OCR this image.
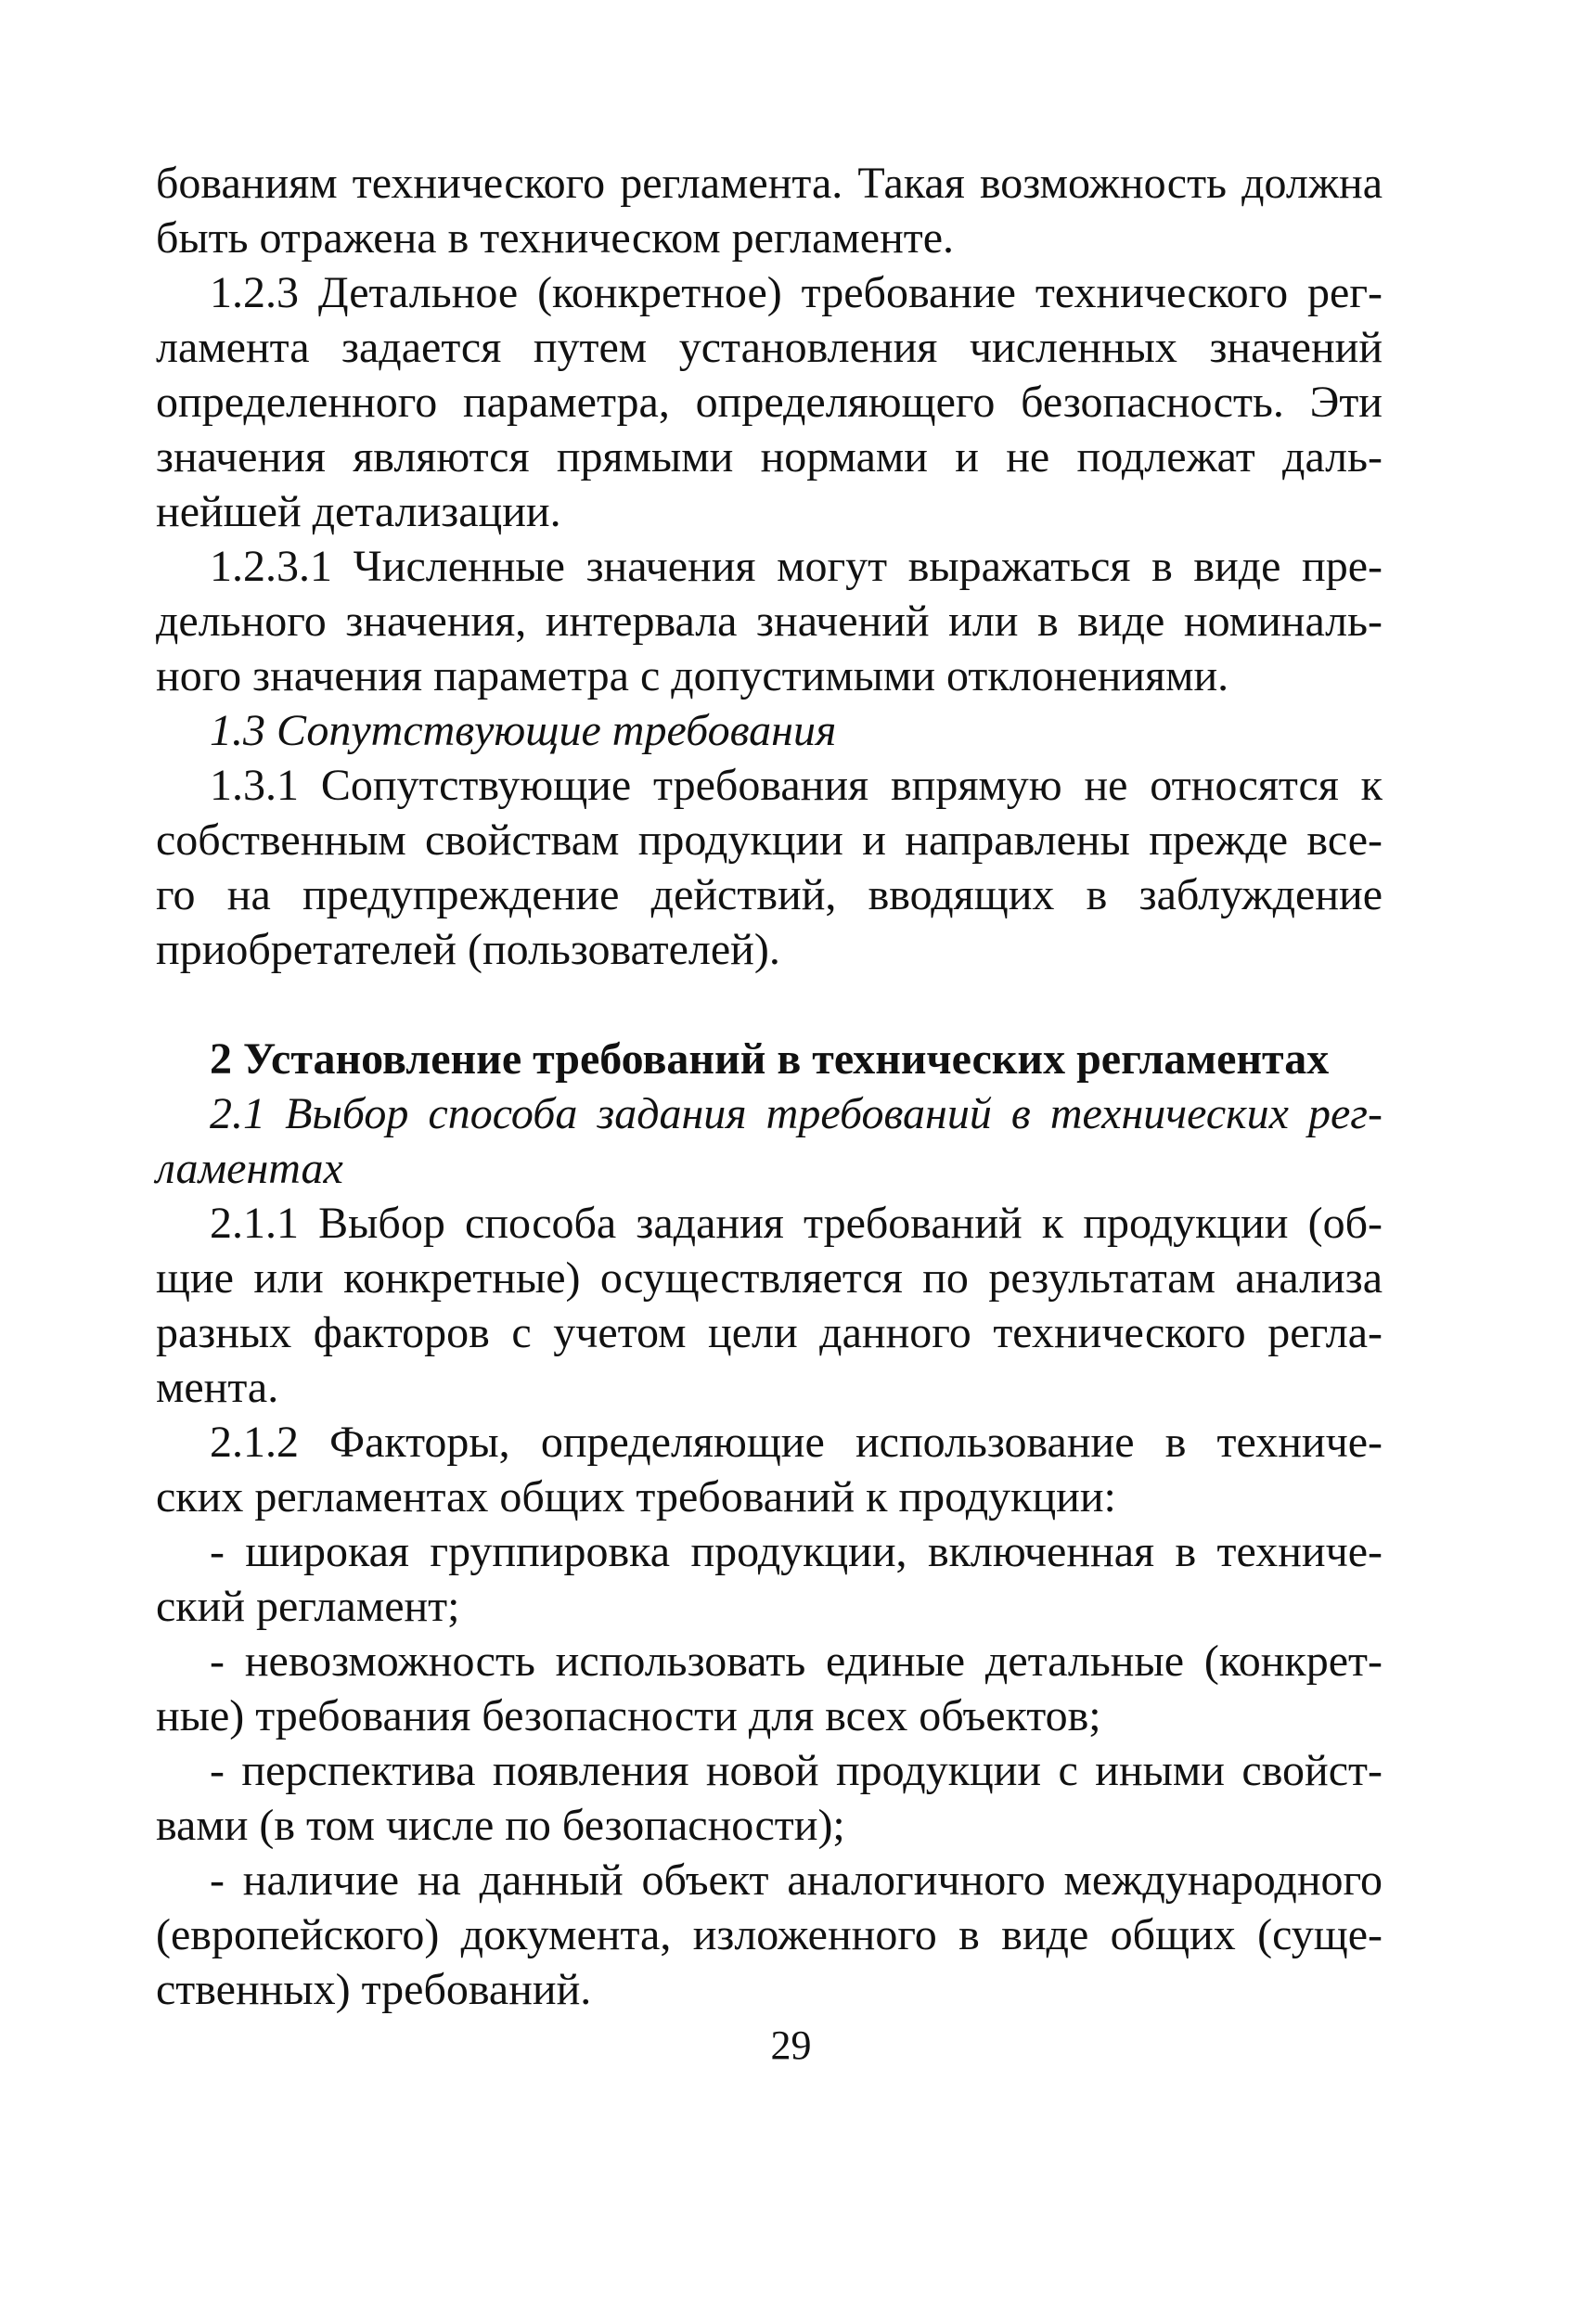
бованиям технического регламента. Такая возможность должна
быть отражена в техническом регламенте.
1.2.3 Детальное (конкретное) требование технического рег-
ламента задается путем установления численных значений
определенного параметра, определяющего безопасность. Эти
значения являются прямыми нормами и не подлежат даль-
нейшей детализации.
1.2.3.1 Численные значения могут выражаться в виде пре-
дельного значения, интервала значений или в виде номиналь-
ного значения параметра с допустимыми отклонениями.
1.3 Сопутствующие требования
1.3.1 Сопутствующие требования впрямую не относятся к
собственным свойствам продукции и направлены прежде все-
го на предупреждение действий, вводящих в заблуждение
приобретателей (пользователей).
2 Установление требований в технических регламентах
2.1 Выбор способа задания требований в технических рег-
ламентах
2.1.1 Выбор способа задания требований к продукции (об-
щие или конкретные) осуществляется по результатам анализа
разных факторов с учетом цели данного технического регла-
мента.
2.1.2 Факторы, определяющие использование в техниче-
ских регламентах общих требований к продукции:
- широкая группировка продукции, включенная в техниче-
ский регламент;
- невозможность использовать единые детальные (конкрет-
ные) требования безопасности для всех объектов;
- перспектива появления новой продукции с иными свойст-
вами (в том числе по безопасности);
- наличие на данный объект аналогичного международного
(европейского) документа, изложенного в виде общих (суще-
ственных) требований.
29
